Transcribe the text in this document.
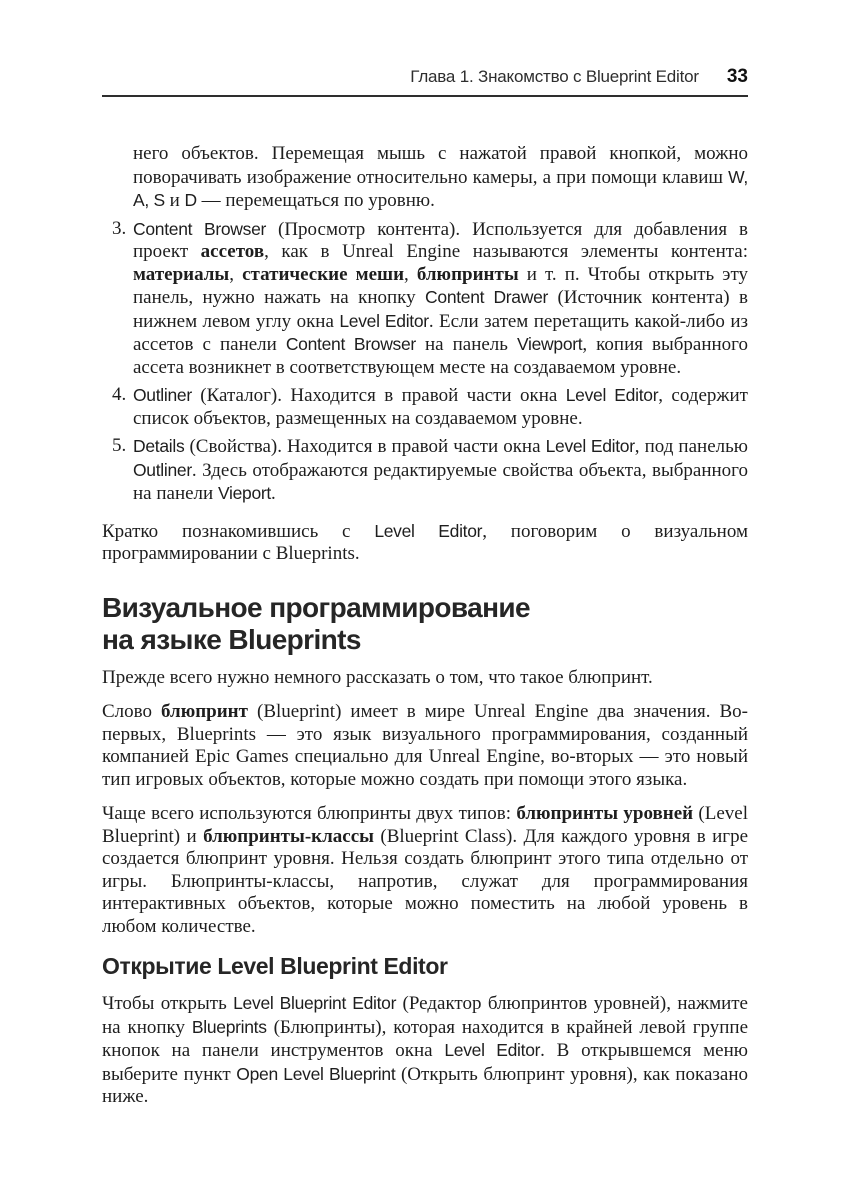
Глава 1. Знакомство с Blueprint Editor 33
него объектов. Перемещая мышь с нажатой правой кнопкой, можно поворачивать изображение относительно камеры, а при помощи клавиш W, A, S и D — перемещаться по уровню.
3. Content Browser (Просмотр контента). Используется для добавления в проект ассетов, как в Unreal Engine называются элементы контента: материалы, статические меши, блюпринты и т. п. Чтобы открыть эту панель, нужно нажать на кнопку Content Drawer (Источник контента) в нижнем левом углу окна Level Editor. Если затем перетащить какой-либо из ассетов с панели Content Browser на панель Viewport, копия выбранного ассета возникнет в соответствующем месте на создаваемом уровне.
4. Outliner (Каталог). Находится в правой части окна Level Editor, содержит список объектов, размещенных на создаваемом уровне.
5. Details (Свойства). Находится в правой части окна Level Editor, под панелью Outliner. Здесь отображаются редактируемые свойства объекта, выбранного на панели Vieport.
Кратко познакомившись с Level Editor, поговорим о визуальном программировании с Blueprints.
Визуальное программирование
на языке Blueprints
Прежде всего нужно немного рассказать о том, что такое блюпринт.
Слово блюпринт (Blueprint) имеет в мире Unreal Engine два значения. Во-первых, Blueprints — это язык визуального программирования, созданный компанией Epic Games специально для Unreal Engine, во-вторых — это новый тип игровых объектов, которые можно создать при помощи этого языка.
Чаще всего используются блюпринты двух типов: блюпринты уровней (Level Blueprint) и блюпринты-классы (Blueprint Class). Для каждого уровня в игре создается блюпринт уровня. Нельзя создать блюпринт этого типа отдельно от игры. Блюпринты-классы, напротив, служат для программирования интерактивных объектов, которые можно поместить на любой уровень в любом количестве.
Открытие Level Blueprint Editor
Чтобы открыть Level Blueprint Editor (Редактор блюпринтов уровней), нажмите на кнопку Blueprints (Блюпринты), которая находится в крайней левой группе кнопок на панели инструментов окна Level Editor. В открывшемся меню выберите пункт Open Level Blueprint (Открыть блюпринт уровня), как показано ниже.
